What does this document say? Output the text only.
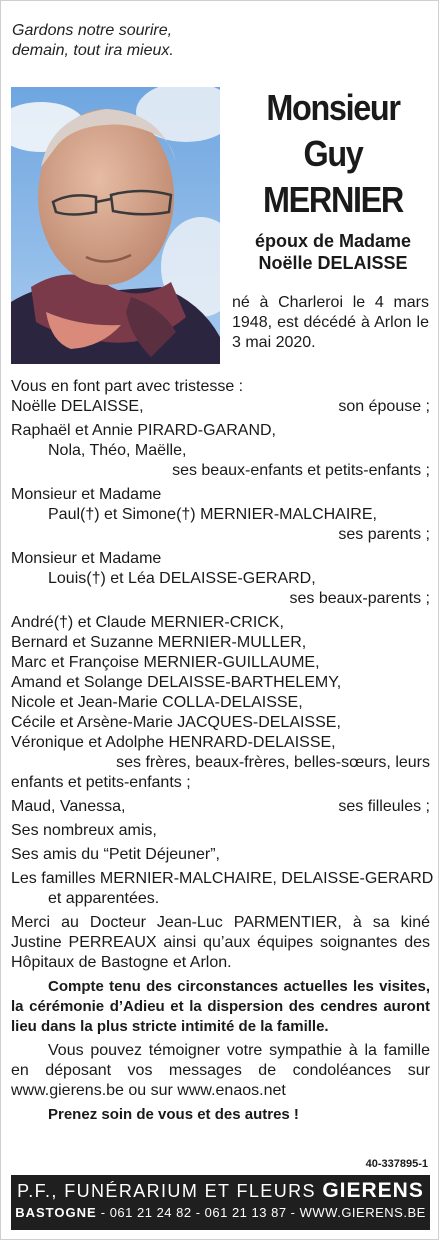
Gardons notre sourire,
demain, tout ira mieux.
Monsieur
Guy
MERNIER
époux de Madame
Noëlle DELAISSE
né à Charleroi le 4 mars 1948, est décédé à Arlon le 3 mai 2020.
Vous en font part avec tristesse :
Noëlle DELAISSE,	son épouse ;
Raphaël et Annie PIRARD-GARAND,
Nola, Théo, Maëlle,
ses beaux-enfants et petits-enfants ;
Monsieur et Madame
Paul(†) et Simone(†) MERNIER-MALCHAIRE,
ses parents ;
Monsieur et Madame
Louis(†) et Léa DELAISSE-GERARD,
ses beaux-parents ;
André(†) et Claude MERNIER-CRICK,
Bernard et Suzanne MERNIER-MULLER,
Marc et Françoise MERNIER-GUILLAUME,
Amand et Solange DELAISSE-BARTHELEMY,
Nicole et Jean-Marie COLLA-DELAISSE,
Cécile et Arsène-Marie JACQUES-DELAISSE,
Véronique et Adolphe HENRARD-DELAISSE,
ses frères, beaux-frères, belles-sœurs, leurs
enfants et petits-enfants ;
Maud, Vanessa,	ses filleules ;
Ses nombreux amis,
Ses amis du “Petit Déjeuner”,
Les familles MERNIER-MALCHAIRE, DELAISSE-GERARD
et apparentées.

Merci au Docteur Jean-Luc PARMENTIER, à sa kiné Justine PERREAUX ainsi qu’aux équipes soignantes des Hôpitaux de Bastogne et Arlon.

Compte tenu des circonstances actuelles les visites, la cérémonie d’Adieu et la dispersion des cendres auront lieu dans la plus stricte intimité de la famille.

Vous pouvez témoigner votre sympathie à la famille en déposant vos messages de condoléances sur www.gierens.be ou sur www.enaos.net

Prenez soin de vous et des autres !

40-337895-1
P.F., FUNÉRARIUM ET FLEURS GIERENS
BASTOGNE - 061 21 24 82 - 061 21 13 87 - WWW.GIERENS.BE
